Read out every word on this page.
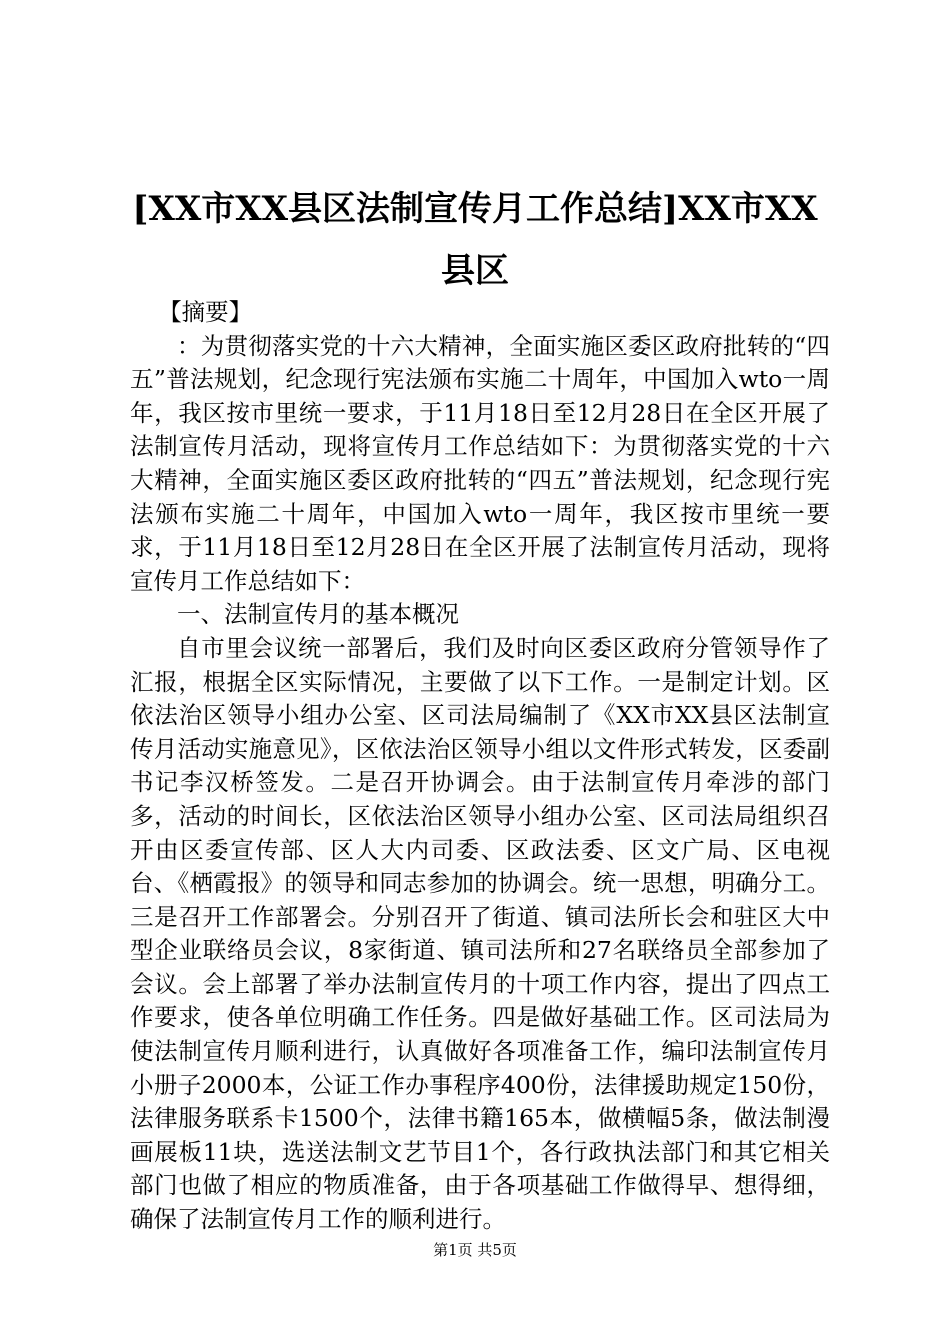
[XX市XX县区法制宣传月工作总结]XX市XX县区

【摘要】

：为贯彻落实党的十六大精神，全面实施区委区政府批转的“四五”普法规划，纪念现行宪法颁布实施二十周年，中国加入wto一周年，我区按市里统一要求，于11月18日至12月28日在全区开展了法制宣传月活动，现将宣传月工作总结如下：为贯彻落实党的十六大精神，全面实施区委区政府批转的“四五”普法规划，纪念现行宪法颁布实施二十周年，中国加入wto一周年，我区按市里统一要求，于11月18日至12月28日在全区开展了法制宣传月活动，现将宣传月工作总结如下：

一、法制宣传月的基本概况

自市里会议统一部署后，我们及时向区委区政府分管领导作了汇报，根据全区实际情况，主要做了以下工作。一是制定计划。区依法治区领导小组办公室、区司法局编制了《XX市XX县区法制宣传月活动实施意见》，区依法治区领导小组以文件形式转发，区委副书记李汉桥签发。二是召开协调会。由于法制宣传月牵涉的部门多，活动的时间长，区依法治区领导小组办公室、区司法局组织召开由区委宣传部、区人大内司委、区政法委、区文广局、区电视台、《栖霞报》的领导和同志参加的协调会。统一思想，明确分工。三是召开工作部署会。分别召开了街道、镇司法所长会和驻区大中型企业联络员会议，8家街道、镇司法所和27名联络员全部参加了会议。会上部署了举办法制宣传月的十项工作内容，提出了四点工作要求，使各单位明确工作任务。四是做好基础工作。区司法局为使法制宣传月顺利进行，认真做好各项准备工作，编印法制宣传月小册子2000本，公证工作办事程序400份，法律援助规定150份，法律服务联系卡1500个，法律书籍165本，做横幅5条，做法制漫画展板11块，选送法制文艺节目1个，各行政执法部门和其它相关部门也做了相应的物质准备，由于各项基础工作做得早、想得细，确保了法制宣传月工作的顺利进行。

第1页 共5页
